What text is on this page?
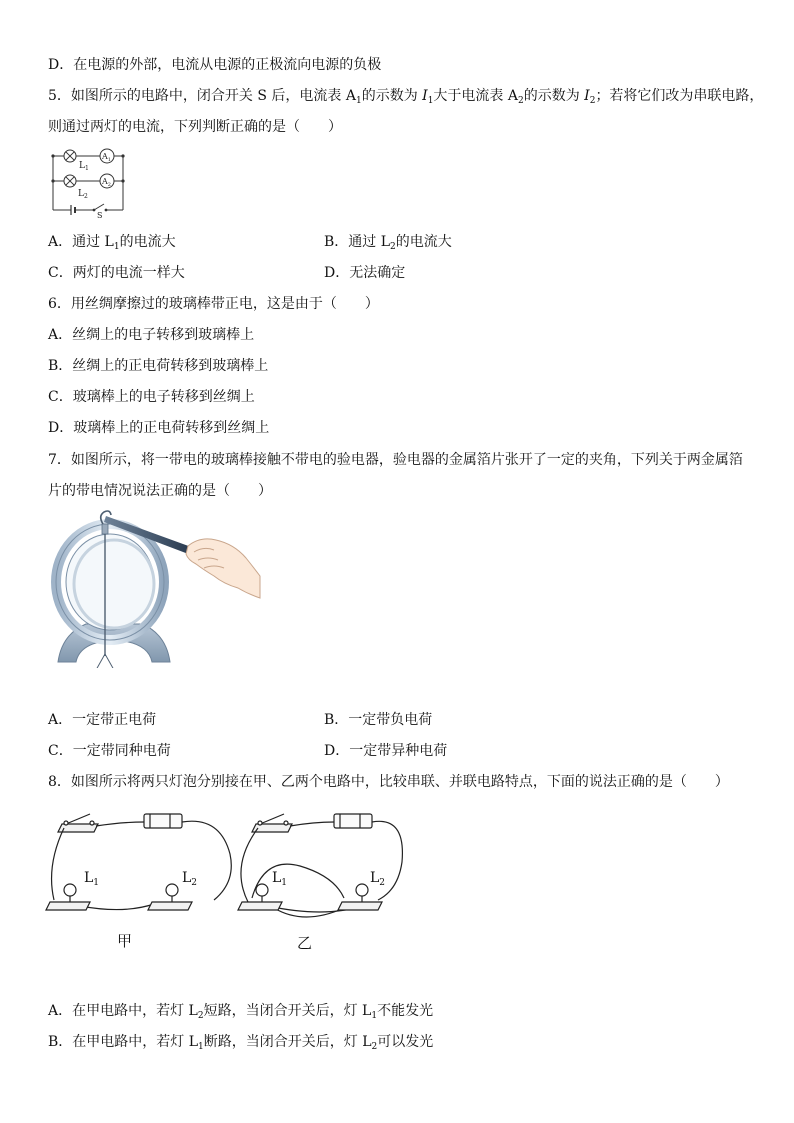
D．在电源的外部，电流从电源的正极流向电源的负极
5．如图所示的电路中，闭合开关 S 后，电流表 $A_1$的示数为 $I_1$大于电流表 $A_2$的示数为 $I_2$；若将它们改为串联电路，
则通过两灯的电流，下列判断正确的是（　　）
$L_1$
$L_2$
$A_1$
$A_2$
S
A．通过 $L_1$的电流大	B．通过 $L_2$的电流大
C．两灯的电流一样大	D．无法确定
6．用丝绸摩擦过的玻璃棒带正电，这是由于（　　）
A．丝绸上的电子转移到玻璃棒上
B．丝绸上的正电荷转移到玻璃棒上
C．玻璃棒上的电子转移到丝绸上
D．玻璃棒上的正电荷转移到丝绸上
7．如图所示，将一带电的玻璃棒接触不带电的验电器，验电器的金属箔片张开了一定的夹角，下列关于两金属箔
片的带电情况说法正确的是（　　）
A．一定带正电荷	B．一定带负电荷
C．一定带同种电荷	D．一定带异种电荷
8．如图所示将两只灯泡分别接在甲、乙两个电路中，比较串联、并联电路特点，下面的说法正确的是（　　）
$L_1$	$L_2$	$L_1$	$L_2$
甲	乙
A．在甲电路中，若灯 $L_2$短路，当闭合开关后，灯 $L_1$不能发光
B．在甲电路中，若灯 $L_1$断路，当闭合开关后，灯 $L_2$可以发光
